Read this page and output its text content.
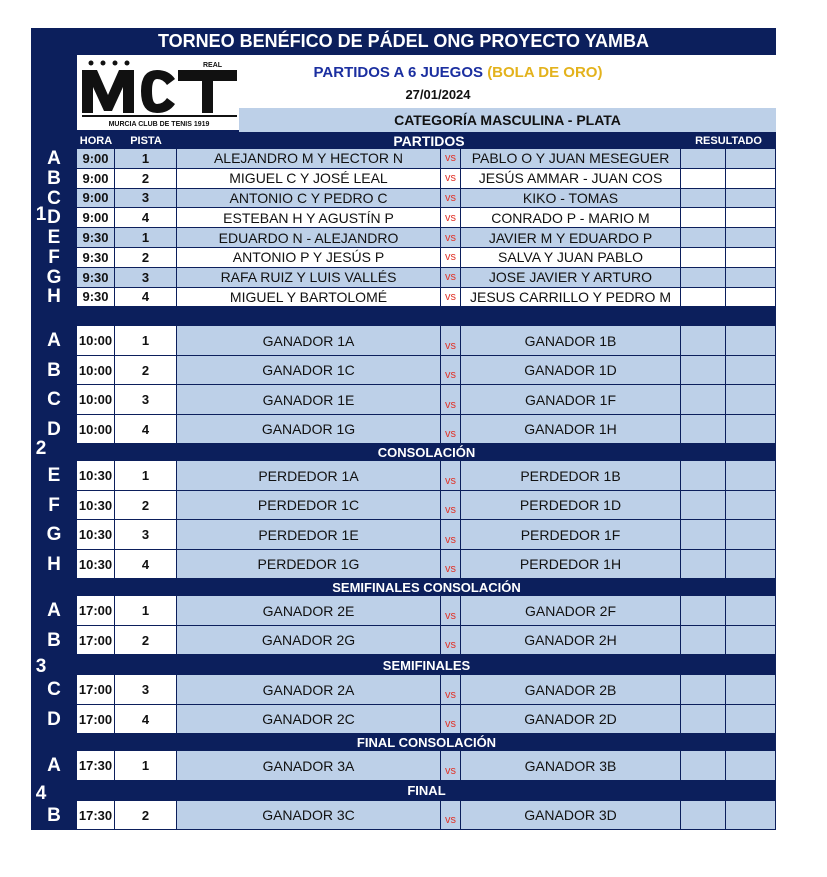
TORNEO BENÉFICO DE PÁDEL ONG PROYECTO YAMBA
REAL
MURCIA CLUB DE TENIS 1919
PARTIDOS A 6 JUEGOS (BOLA DE ORO)
27/01/2024
CATEGORÍA MASCULINA - PLATA
HORA	PISTA	PARTIDOS	RESULTADO
A	9:00	1	ALEJANDRO M Y HECTOR N	vs	PABLO O Y JUAN MESEGUER
B	9:00	2	MIGUEL C Y JOSÉ LEAL	vs	JESÚS AMMAR - JUAN COS
C	9:00	3	ANTONIO C Y PEDRO C	vs	KIKO - TOMAS
D	9:00	4	ESTEBAN H Y AGUSTÍN P	vs	CONRADO P - MARIO M
E	9:30	1	EDUARDO N - ALEJANDRO	vs	JAVIER M Y EDUARDO P
F	9:30	2	ANTONIO P Y JESÚS P	vs	SALVA Y JUAN PABLO
G	9:30	3	RAFA RUIZ Y LUIS VALLÉS	vs	JOSE JAVIER Y ARTURO
H	9:30	4	MIGUEL Y BARTOLOMÉ	vs	JESUS CARRILLO Y PEDRO M
A	10:00	1	GANADOR 1A	vs	GANADOR 1B
B	10:00	2	GANADOR 1C	vs	GANADOR 1D
C	10:00	3	GANADOR 1E	vs	GANADOR 1F
D	10:00	4	GANADOR 1G	vs	GANADOR 1H
CONSOLACIÓN
E	10:30	1	PERDEDOR 1A	vs	PERDEDOR 1B
F	10:30	2	PERDEDOR 1C	vs	PERDEDOR 1D
G	10:30	3	PERDEDOR 1E	vs	PERDEDOR 1F
H	10:30	4	PERDEDOR 1G	vs	PERDEDOR 1H
SEMIFINALES CONSOLACIÓN
A	17:00	1	GANADOR 2E	vs	GANADOR 2F
B	17:00	2	GANADOR 2G	vs	GANADOR 2H
SEMIFINALES
C	17:00	3	GANADOR 2A	vs	GANADOR 2B
D	17:00	4	GANADOR 2C	vs	GANADOR 2D
FINAL CONSOLACIÓN
A	17:30	1	GANADOR 3A	vs	GANADOR 3B
FINAL
B	17:30	2	GANADOR 3C	vs	GANADOR 3D
1
2
3
4
